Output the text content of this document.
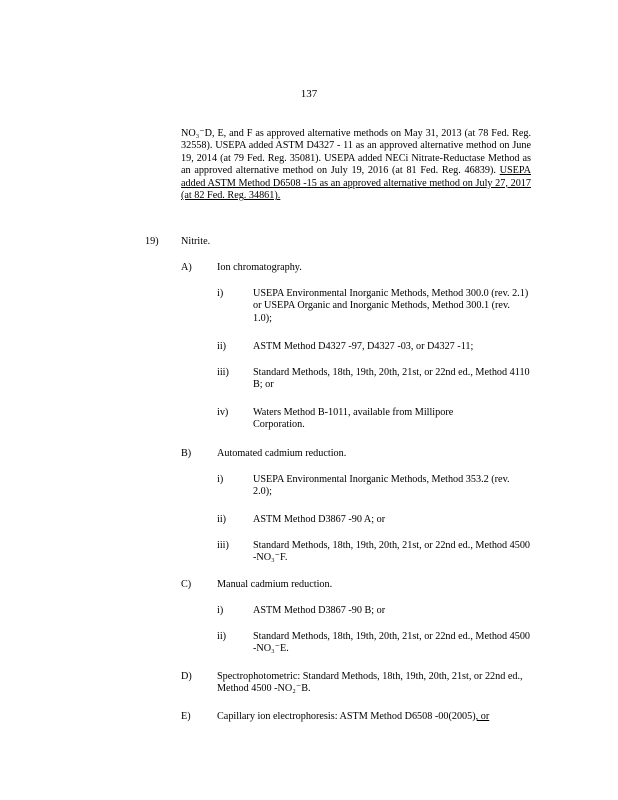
137
NO₃⁻D, E, and F as approved alternative methods on May 31, 2013 (at 78 Fed. Reg. 32558). USEPA added ASTM D4327 - 11 as an approved alternative method on June 19, 2014 (at 79 Fed. Reg. 35081). USEPA added NECi Nitrate-Reductase Method as an approved alternative method on July 19, 2016 (at 81 Fed. Reg. 46839). USEPA added ASTM Method D6508 -15 as an approved alternative method on July 27, 2017 (at 82 Fed. Reg. 34861).
19) Nitrite.
A) Ion chromatography.
i)	USEPA Environmental Inorganic Methods, Method 300.0 (rev. 2.1) or USEPA Organic and Inorganic Methods, Method 300.1 (rev. 1.0);
ii)	ASTM Method D4327 -97, D4327 -03, or D4327 -11;
iii) Standard Methods, 18th, 19th, 20th, 21st, or 22nd ed., Method 4110 B; or
iv) Waters Method B-1011, available from Millipore Corporation.
B)	Automated cadmium reduction.
i)	USEPA Environmental Inorganic Methods, Method 353.2 (rev. 2.0);
ii)	ASTM Method D3867 -90 A; or
iii) Standard Methods, 18th, 19th, 20th, 21st, or 22nd ed., Method 4500 -NO₃⁻F.
C)	Manual cadmium reduction.
i)	ASTM Method D3867 -90 B; or
ii)	Standard Methods, 18th, 19th, 20th, 21st, or 22nd ed., Method 4500 -NO₃⁻E.
D) Spectrophotometric: Standard Methods, 18th, 19th, 20th, 21st, or 22nd ed., Method 4500 -NO₂⁻B.
E)	Capillary ion electrophoresis: ASTM Method D6508 -00(2005), or
